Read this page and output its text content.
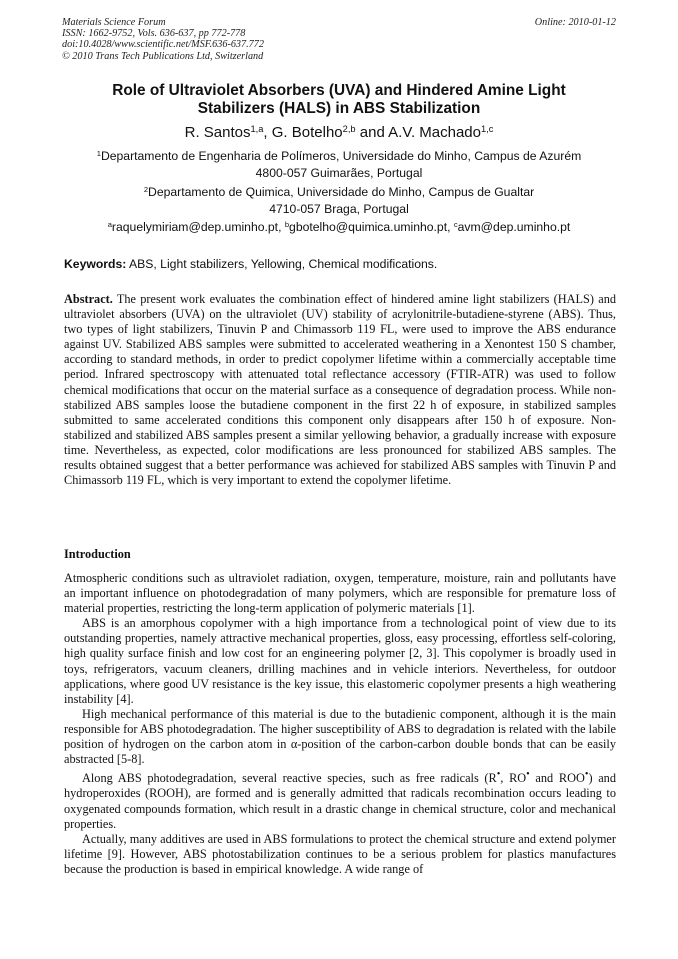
Materials Science Forum
ISSN: 1662-9752, Vols. 636-637, pp 772-778
doi:10.4028/www.scientific.net/MSF.636-637.772
© 2010 Trans Tech Publications Ltd, Switzerland
Online: 2010-01-12
Role of Ultraviolet Absorbers (UVA) and Hindered Amine Light
Stabilizers (HALS) in ABS Stabilization
R. Santos$^{1,a}$, G. Botelho$^{2,b}$ and A.V. Machado$^{1,c}$
$^1$Departamento de Engenharia de Polímeros, Universidade do Minho, Campus de Azurém
4800-057 Guimarães, Portugal
$^2$Departamento de Quimica, Universidade do Minho, Campus de Gualtar
4710-057 Braga, Portugal
$^a$raquelymiriam@dep.uminho.pt, $^b$gbotelho@quimica.uminho.pt, $^c$avm@dep.uminho.pt
Keywords: ABS, Light stabilizers, Yellowing, Chemical modifications.
Abstract. The present work evaluates the combination effect of hindered amine light stabilizers (HALS) and ultraviolet absorbers (UVA) on the ultraviolet (UV) stability of acrylonitrile-butadiene-styrene (ABS). Thus, two types of light stabilizers, Tinuvin P and Chimassorb 119 FL, were used to improve the ABS endurance against UV. Stabilized ABS samples were submitted to accelerated weathering in a Xenontest 150 S chamber, according to standard methods, in order to predict copolymer lifetime within a commercially acceptable time period. Infrared spectroscopy with attenuated total reflectance accessory (FTIR-ATR) was used to follow chemical modifications that occur on the material surface as a consequence of degradation process. While non-stabilized ABS samples loose the butadiene component in the first 22 h of exposure, in stabilized samples submitted to same accelerated conditions this component only disappears after 150 h of exposure. Non-stabilized and stabilized ABS samples present a similar yellowing behavior, a gradually increase with exposure time. Nevertheless, as expected, color modifications are less pronounced for stabilized ABS samples. The results obtained suggest that a better performance was achieved for stabilized ABS samples with Tinuvin P and Chimassorb 119 FL, which is very important to extend the copolymer lifetime.
Introduction

Atmospheric conditions such as ultraviolet radiation, oxygen, temperature, moisture, rain and pollutants have an important influence on photodegradation of many polymers, which are responsible for premature loss of material properties, restricting the long-term application of polymeric materials [1].

ABS is an amorphous copolymer with a high importance from a technological point of view due to its outstanding properties, namely attractive mechanical properties, gloss, easy processing, effortless self-coloring, high quality surface finish and low cost for an engineering polymer [2, 3]. This copolymer is broadly used in toys, refrigerators, vacuum cleaners, drilling machines and in vehicle interiors. Nevertheless, for outdoor applications, where good UV resistance is the key issue, this elastomeric copolymer presents a high weathering instability [4].

High mechanical performance of this material is due to the butadienic component, although it is the main responsible for ABS photodegradation. The higher susceptibility of ABS to degradation is related with the labile position of hydrogen on the carbon atom in α-position of the carbon-carbon double bonds that can be easily abstracted [5-8].

Along ABS photodegradation, several reactive species, such as free radicals (R•, RO• and ROO•) and hydroperoxides (ROOH), are formed and is generally admitted that radicals recombination occurs leading to oxygenated compounds formation, which result in a drastic change in chemical structure, color and mechanical properties.

Actually, many additives are used in ABS formulations to protect the chemical structure and extend polymer lifetime [9]. However, ABS photostabilization continues to be a serious problem for plastics manufactures because the production is based in empirical knowledge. A wide range of
